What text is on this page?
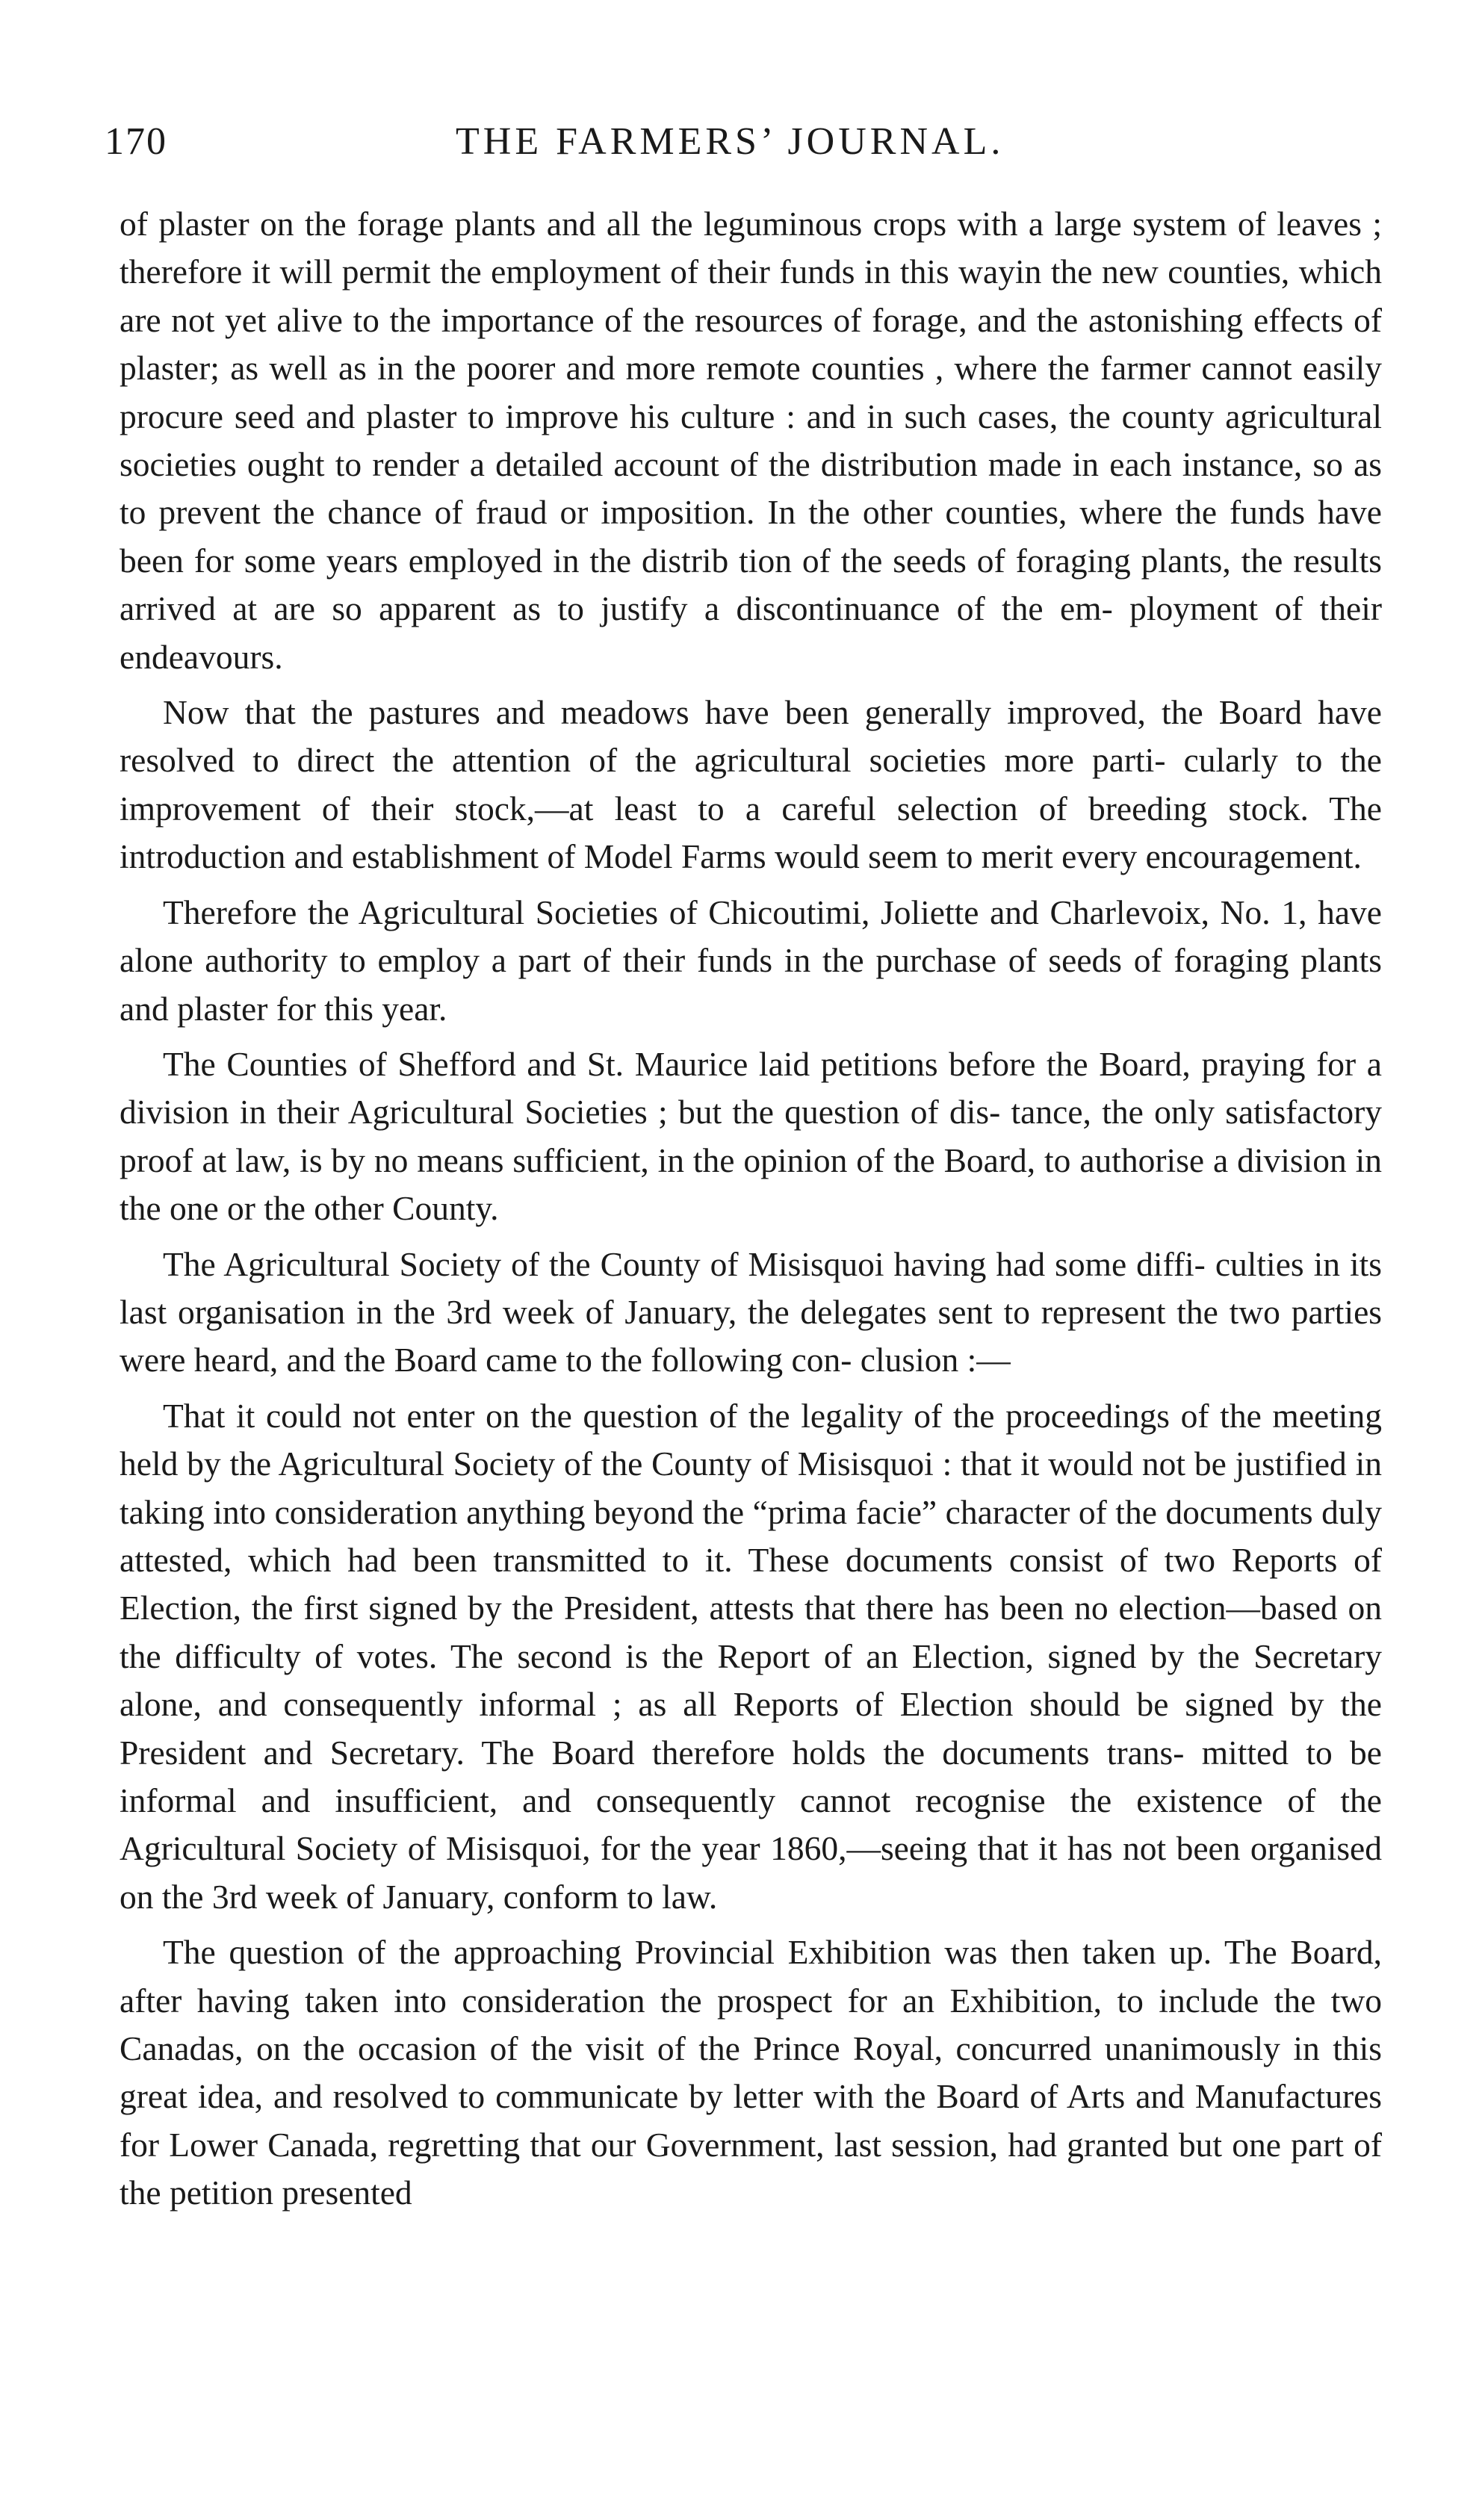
170	THE FARMERS’ JOURNAL.

of plaster on the forage plants and all the leguminous crops with a large system of leaves ; therefore it will permit the employment of their funds in this wayin the new counties, which are not yet alive to the importance of the resources of forage, and the astonishing effects of plaster; as well as in the poorer and more remote counties , where the farmer cannot easily procure seed and plaster to improve his culture : and in such cases, the county agricultural societies ought to render a detailed account of the distribution made in each instance, so as to prevent the chance of fraud or imposition. In the other counties, where the funds have been for some years employed in the distrib tion of the seeds of foraging plants, the results arrived at are so apparent as to justify a discontinuance of the em- ployment of their endeavours.

Now that the pastures and meadows have been generally improved, the Board have resolved to direct the attention of the agricultural societies more parti- cularly to the improvement of their stock,—at least to a careful selection of breeding stock. The introduction and establishment of Model Farms would seem to merit every encouragement.

Therefore the Agricultural Societies of Chicoutimi, Joliette and Charlevoix, No. 1, have alone authority to employ a part of their funds in the purchase of seeds of foraging plants and plaster for this year.

The Counties of Shefford and St. Maurice laid petitions before the Board, praying for a division in their Agricultural Societies ; but the question of dis- tance, the only satisfactory proof at law, is by no means sufficient, in the opinion of the Board, to authorise a division in the one or the other County.

The Agricultural Society of the County of Misisquoi having had some diffi- culties in its last organisation in the 3rd week of January, the delegates sent to represent the two parties were heard, and the Board came to the following con- clusion :—

That it could not enter on the question of the legality of the proceedings of the meeting held by the Agricultural Society of the County of Misisquoi : that it would not be justified in taking into consideration anything beyond the “prima facie” character of the documents duly attested, which had been transmitted to it. These documents consist of two Reports of Election, the first signed by the President, attests that there has been no election—based on the difficulty of votes. The second is the Report of an Election, signed by the Secretary alone, and consequently informal ; as all Reports of Election should be signed by the President and Secretary. The Board therefore holds the documents trans- mitted to be informal and insufficient, and consequently cannot recognise the existence of the Agricultural Society of Misisquoi, for the year 1860,—seeing that it has not been organised on the 3rd week of January, conform to law.

The question of the approaching Provincial Exhibition was then taken up. The Board, after having taken into consideration the prospect for an Exhibition, to include the two Canadas, on the occasion of the visit of the Prince Royal, concurred unanimously in this great idea, and resolved to communicate by letter with the Board of Arts and Manufactures for Lower Canada, regretting that our Government, last session, had granted but one part of the petition presented
